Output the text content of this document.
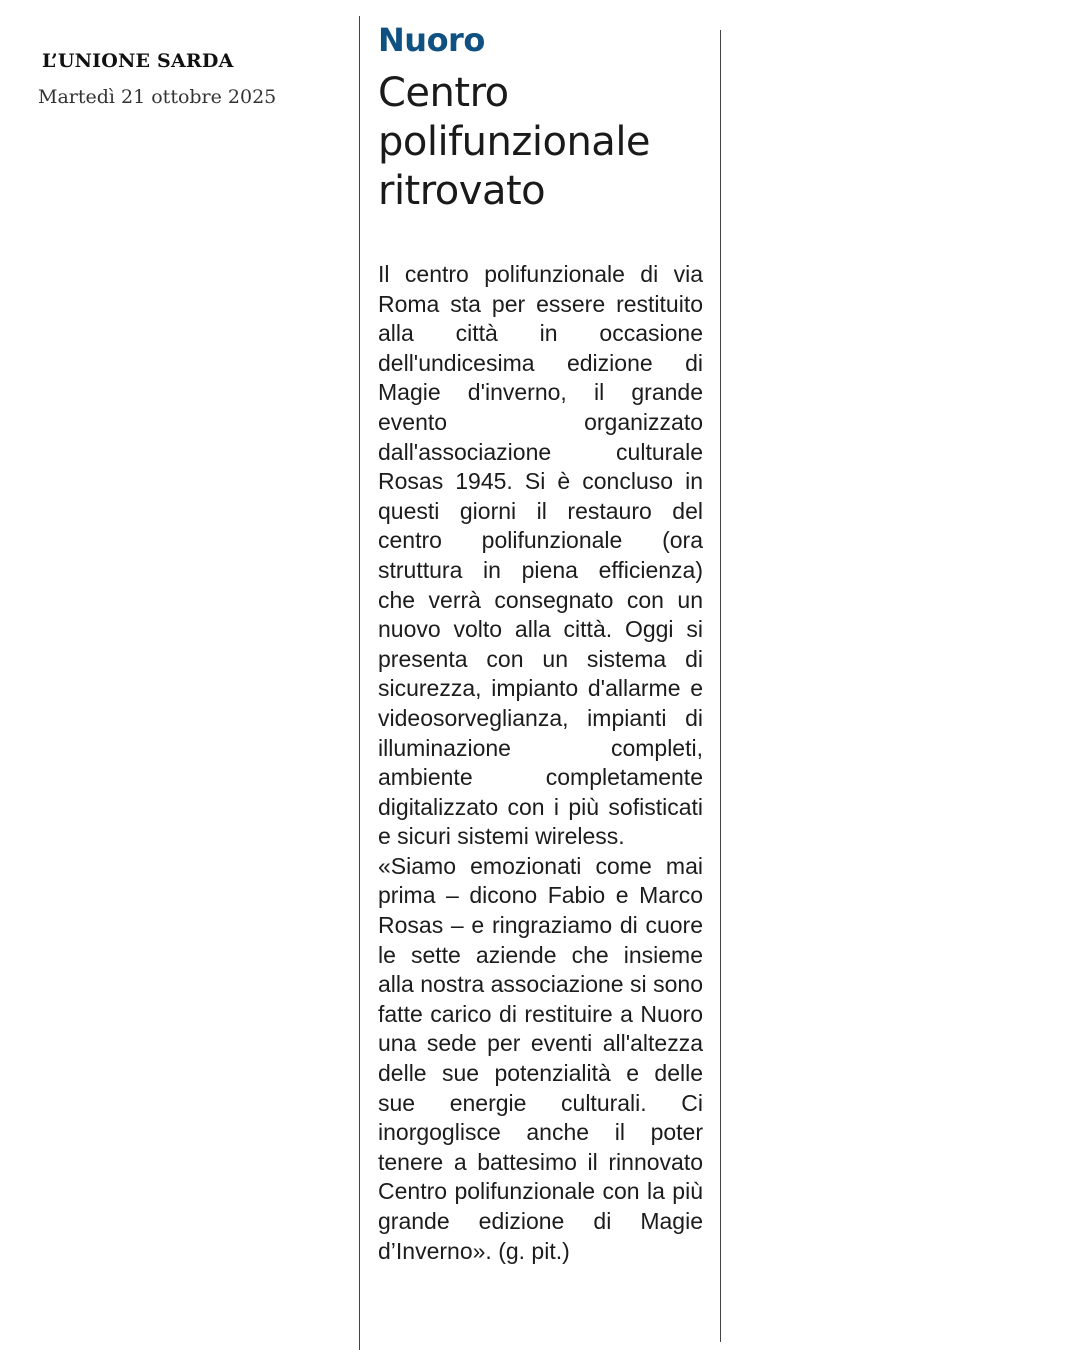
L’UNIONE SARDA
Martedì 21 ottobre 2025
Nuoro
Centro polifunzionale ritrovato

Il centro polifunzionale di via Roma sta per essere restituito alla città in occasione dell'undicesima edizione di Magie d'inverno, il grande evento organizzato dall'associazione culturale Rosas 1945. Si è concluso in questi giorni il restauro del centro polifunzionale (ora struttura in piena efficienza) che verrà consegnato con un nuovo volto alla città. Oggi si presenta con un sistema di sicurezza, impianto d'allarme e videosorveglianza, impianti di illuminazione completi, ambiente completamente digitalizzato con i più sofisticati e sicuri sistemi wireless.

«Siamo emozionati come mai prima – dicono Fabio e Marco Rosas – e ringraziamo di cuore le sette aziende che insieme alla nostra associazione si sono fatte carico di restituire a Nuoro una sede per eventi all'altezza delle sue potenzialità e delle sue energie culturali. Ci inorgoglisce anche il poter tenere a battesimo il rinnovato Centro polifunzionale con la più grande edizione di Magie d’Inverno». (g. pit.)
